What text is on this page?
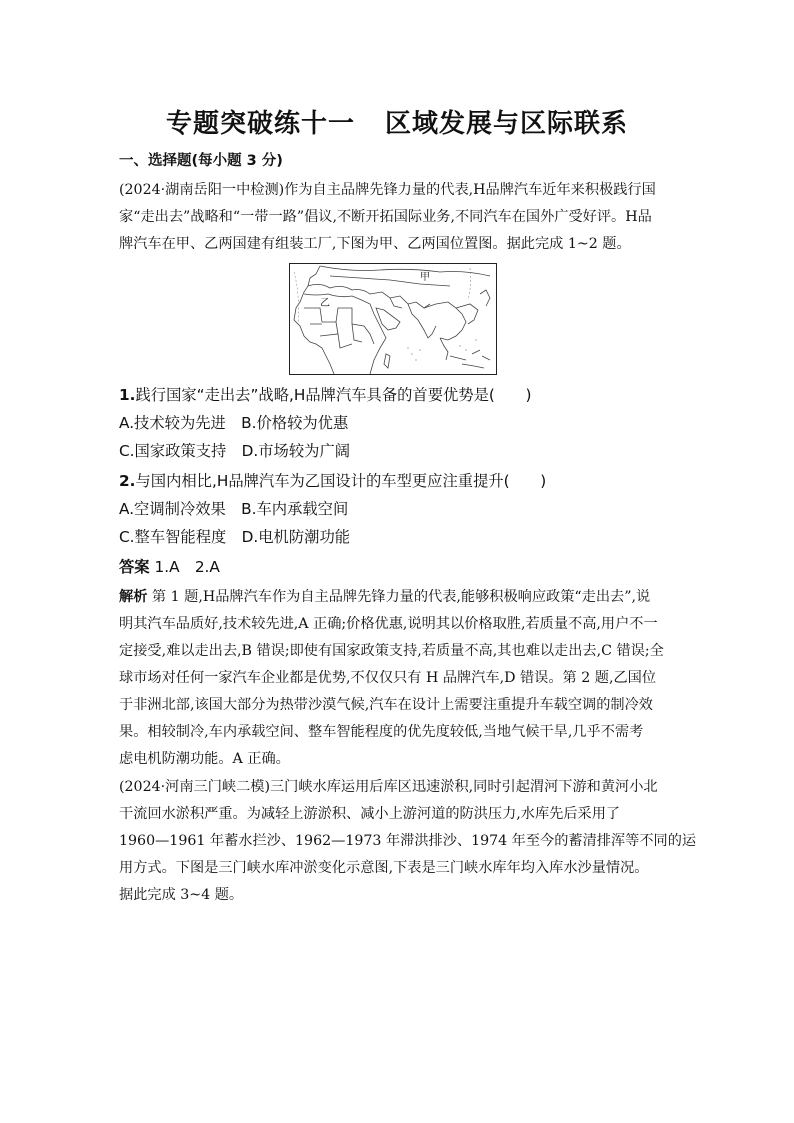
专题突破练十一 区域发展与区际联系
一、选择题(每小题 3 分)
(2024·湖南岳阳一中检测)作为自主品牌先锋力量的代表,H品牌汽车近年来积极践行国
家“走出去”战略和“一带一路”倡议,不断开拓国际业务,不同汽车在国外广受好评。H品
牌汽车在甲、乙两国建有组装工厂,下图为甲、乙两国位置图。据此完成 1~2 题。
甲
乙
1.践行国家“走出去”战略,H品牌汽车具备的首要优势是(　　)
A.技术较为先进　B.价格较为优惠
C.国家政策支持　D.市场较为广阔
2.与国内相比,H品牌汽车为乙国设计的车型更应注重提升(　　)
A.空调制冷效果　B.车内承载空间
C.整车智能程度　D.电机防潮功能
答案 1.A　2.A
解析 第 1 题,H品牌汽车作为自主品牌先锋力量的代表,能够积极响应政策“走出去”,说
明其汽车品质好,技术较先进,A 正确;价格优惠,说明其以价格取胜,若质量不高,用户不一
定接受,难以走出去,B 错误;即使有国家政策支持,若质量不高,其也难以走出去,C 错误;全
球市场对任何一家汽车企业都是优势,不仅仅只有 H 品牌汽车,D 错误。第 2 题,乙国位
于非洲北部,该国大部分为热带沙漠气候,汽车在设计上需要注重提升车载空调的制冷效
果。相较制冷,车内承载空间、整车智能程度的优先度较低,当地气候干旱,几乎不需考
虑电机防潮功能。A 正确。
(2024·河南三门峡二模)三门峡水库运用后库区迅速淤积,同时引起渭河下游和黄河小北
干流回水淤积严重。为减轻上游淤积、减小上游河道的防洪压力,水库先后采用了
1960—1961 年蓄水拦沙、1962—1973 年滞洪排沙、1974 年至今的蓄清排浑等不同的运
用方式。下图是三门峡水库冲淤变化示意图,下表是三门峡水库年均入库水沙量情况。
据此完成 3~4 题。
